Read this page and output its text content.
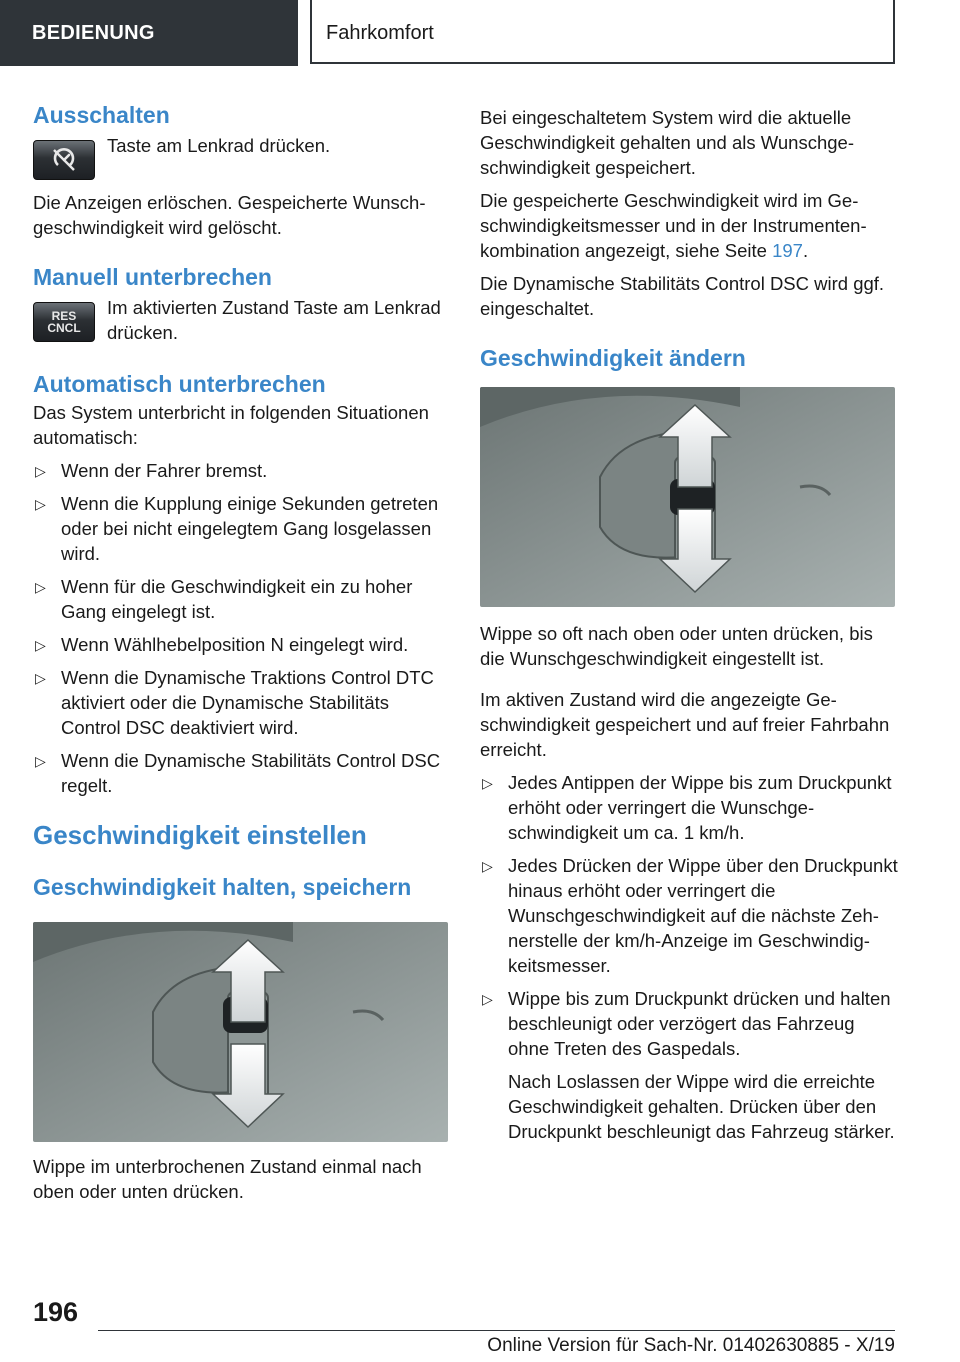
BEDIENUNG	Fahrkomfort
Ausschalten

Taste am Lenkrad drücken.

Die Anzeigen erlöschen. Gespeicherte Wunschgeschwindigkeit wird gelöscht.

Manuell unterbrechen
RES
CNCL

Im aktivierten Zustand Taste am Lenkrad drücken.

Automatisch unterbrechen

Das System unterbricht in folgenden Situationen automatisch:

▷ Wenn der Fahrer bremst.
▷ Wenn die Kupplung einige Sekunden getreten oder bei nicht eingelegtem Gang losgelassen wird.
▷ Wenn für die Geschwindigkeit ein zu hoher Gang eingelegt ist.
▷ Wenn Wählhebelposition N eingelegt wird.
▷ Wenn die Dynamische Traktions Control DTC aktiviert oder die Dynamische Stabilitäts Control DSC deaktiviert wird.
▷ Wenn die Dynamische Stabilitäts Control DSC regelt.
Geschwindigkeit einstellen
Geschwindigkeit halten, speichern

Wippe im unterbrochenen Zustand einmal nach oben oder unten drücken.

Bei eingeschaltetem System wird die aktuelle Geschwindigkeit gehalten und als Wunschgeschwindigkeit gespeichert.

Die gespeicherte Geschwindigkeit wird im Geschwindigkeitsmesser und in der Instrumentenkombination angezeigt, siehe Seite 197.

Die Dynamische Stabilitäts Control DSC wird ggf. eingeschaltet.

Geschwindigkeit ändern

Wippe so oft nach oben oder unten drücken, bis die Wunschgeschwindigkeit eingestellt ist.

Im aktiven Zustand wird die angezeigte Geschwindigkeit gespeichert und auf freier Fahrbahn erreicht.

▷ Jedes Antippen der Wippe bis zum Druckpunkt erhöht oder verringert die Wunschgeschwindigkeit um ca. 1 km/h.
▷ Jedes Drücken der Wippe über den Druckpunkt hinaus erhöht oder verringert die Wunschgeschwindigkeit auf die nächste Zehnerstelle der km/h-Anzeige im Geschwindigkeitsmesser.
▷ Wippe bis zum Druckpunkt drücken und halten beschleunigt oder verzögert das Fahrzeug ohne Treten des Gaspedals.

Nach Loslassen der Wippe wird die erreichte Geschwindigkeit gehalten. Drücken über den Druckpunkt beschleunigt das Fahrzeug stärker.

196
Online Version für Sach-Nr. 01402630885 - X/19
